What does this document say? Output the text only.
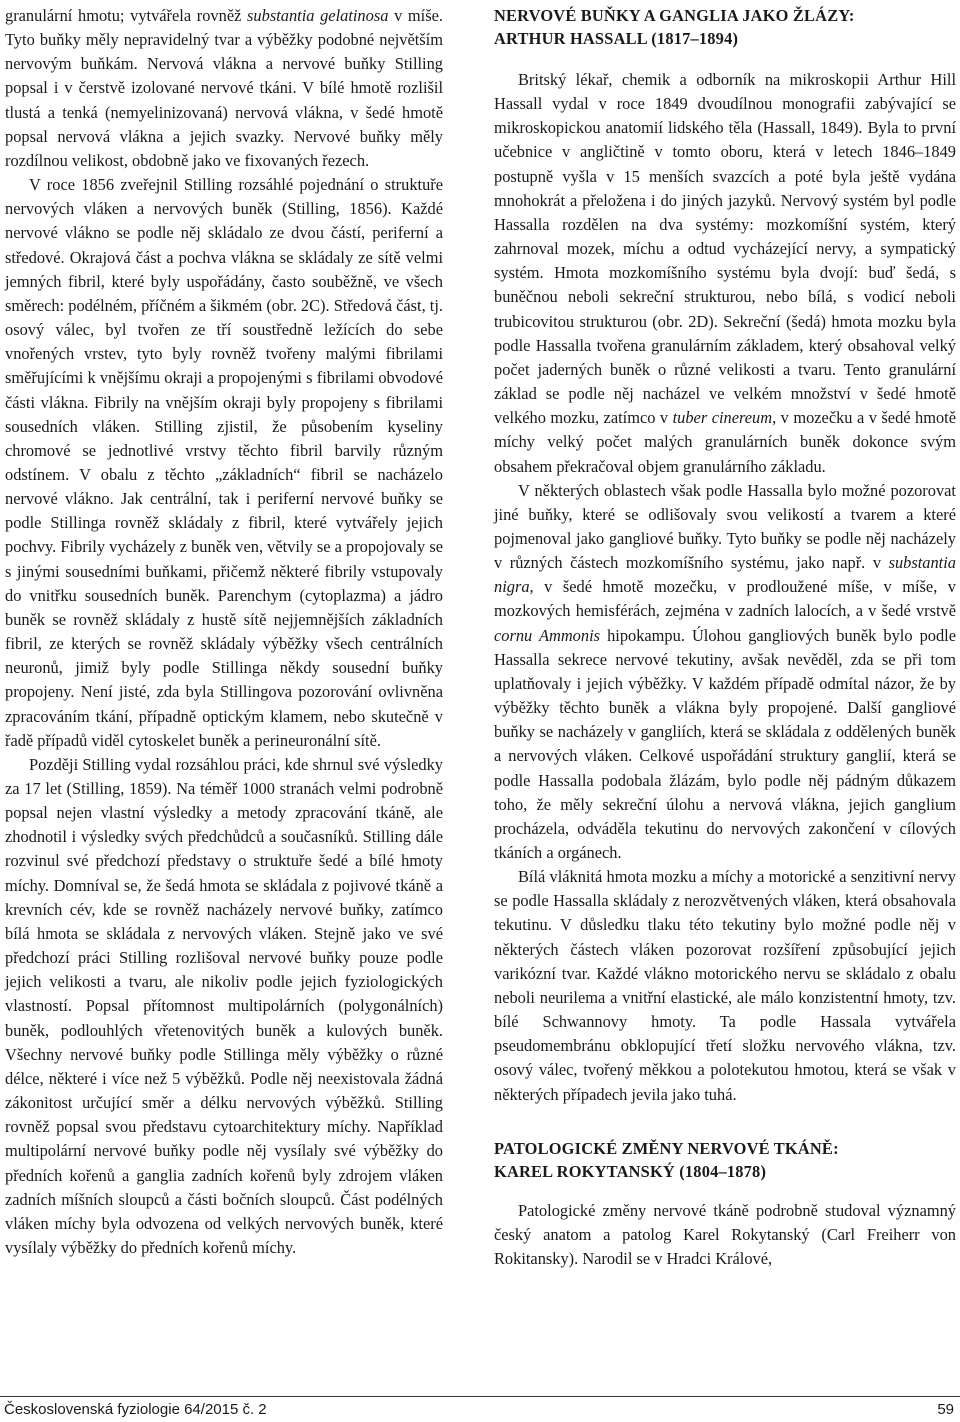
granulární hmotu; vytvářela rovněž substantia gelatinosa v míše. Tyto buňky měly nepravidelný tvar a výběžky podobné největším nervovým buňkám. Nervová vlákna a nervové buňky Stilling popsal i v čerstvě izolované nervové tkáni. V bílé hmotě rozlišil tlustá a tenká (nemyelinizovaná) nervová vlákna, v šedé hmotě popsal nervová vlákna a jejich svazky. Nervové buňky měly rozdílnou velikost, obdobně jako ve fixovaných řezech.

V roce 1856 zveřejnil Stilling rozsáhlé pojednání o struktuře nervových vláken a nervových buněk (Stilling, 1856). Každé nervové vlákno se podle něj skládalo ze dvou částí, periferní a středové. Okrajová část a pochva vlákna se skládaly ze sítě velmi jemných fibril, které byly uspořádány, často souběžně, ve všech směrech: podélném, příčném a šikmém (obr. 2C). Středová část, tj. osový válec, byl tvořen ze tří soustředně ležících do sebe vnořených vrstev, tyto byly rovněž tvořeny malými fibrilami směřujícími k vnějšímu okraji a propojenými s fibrilami obvodové části vlákna. Fibrily na vnějším okraji byly propojeny s fibrilami sousedních vláken. Stilling zjistil, že působením kyseliny chromové se jednotlivé vrstvy těchto fibril barvily různým odstínem. V obalu z těchto „základních“ fibril se nacházelo nervové vlákno. Jak centrální, tak i periferní nervové buňky se podle Stillinga rovněž skládaly z fibril, které vytvářely jejich pochvy. Fibrily vycházely z buněk ven, větvily se a propojovaly se s jinými sousedními buňkami, přičemž některé fibrily vstupovaly do vnitřku sousedních buněk. Parenchym (cytoplazma) a jádro buněk se rovněž skládaly z hustě sítě nejjemnějších základních fibril, ze kterých se rovněž skládaly výběžky všech centrálních neuronů, jimiž byly podle Stillinga někdy sousední buňky propojeny. Není jisté, zda byla Stillingova pozorování ovlivněna zpracováním tkání, případně optickým klamem, nebo skutečně v řadě případů viděl cytoskelet buněk a perineuronální sítě.

Později Stilling vydal rozsáhlou práci, kde shrnul své výsledky za 17 let (Stilling, 1859). Na téměř 1000 stranách velmi podrobně popsal nejen vlastní výsledky a metody zpracování tkáně, ale zhodnotil i výsledky svých předchůdců a současníků. Stilling dále rozvinul své předchozí představy o struktuře šedé a bílé hmoty míchy. Domníval se, že šedá hmota se skládala z pojivové tkáně a krevních cév, kde se rovněž nacházely nervové buňky, zatímco bílá hmota se skládala z nervových vláken. Stejně jako ve své předchozí práci Stilling rozlišoval nervové buňky pouze podle jejich velikosti a tvaru, ale nikoliv podle jejich fyziologických vlastností. Popsal přítomnost multipolárních (polygonálních) buněk, podlouhlých vřetenovitých buněk a kulových buněk. Všechny nervové buňky podle Stillinga měly výběžky o různé délce, některé i více než 5 výběžků. Podle něj neexistovala žádná zákonitost určující směr a délku nervových výběžků. Stilling rovněž popsal svou představu cytoarchitektury míchy. Například multipolární nervové buňky podle něj vysílaly své výběžky do předních kořenů a ganglia zadních kořenů byly zdrojem vláken zadních míšních sloupců a části bočních sloupců. Část podélných vláken míchy byla odvozena od velkých nervových buněk, které vysílaly výběžky do předních kořenů míchy.

NERVOVÉ BUŇKY A GANGLIA JAKO ŽLÁZY:
ARTHUR HASSALL (1817–1894)

Britský lékař, chemik a odborník na mikroskopii Arthur Hill Hassall vydal v roce 1849 dvoudílnou monografii zabývající se mikroskopickou anatomií lidského těla (Hassall, 1849). Byla to první učebnice v angličtině v tomto oboru, která v letech 1846–1849 postupně vyšla v 15 menších svazcích a poté byla ještě vydána mnohokrát a přeložena i do jiných jazyků. Nervový systém byl podle Hassalla rozdělen na dva systémy: mozkomíšní systém, který zahrnoval mozek, míchu a odtud vycházející nervy, a sympatický systém. Hmota mozkomíšního systému byla dvojí: buď šedá, s buněčnou neboli sekreční strukturou, nebo bílá, s vodicí neboli trubicovitou strukturou (obr. 2D). Sekreční (šedá) hmota mozku byla podle Hassalla tvořena granulárním základem, který obsahoval velký počet jaderných buněk o různé velikosti a tvaru. Tento granulární základ se podle něj nacházel ve velkém množství v šedé hmotě velkého mozku, zatímco v tuber cinereum, v mozečku a v šedé hmotě míchy velký počet malých granulárních buněk dokonce svým obsahem překračoval objem granulárního základu.

V některých oblastech však podle Hassalla bylo možné pozorovat jiné buňky, které se odlišovaly svou velikostí a tvarem a které pojmenoval jako gangliové buňky. Tyto buňky se podle něj nacházely v různých částech mozkomíšního systému, jako např. v substantia nigra, v šedé hmotě mozečku, v prodloužené míše, v míše, v mozkových hemisférách, zejména v zadních lalocích, a v šedé vrstvě cornu Ammonis hipokampu. Úlohou gangliových buněk bylo podle Hassalla sekrece nervové tekutiny, avšak nevěděl, zda se při tom uplatňovaly i jejich výběžky. V každém případě odmítal názor, že by výběžky těchto buněk a vlákna byly propojené. Další gangliové buňky se nacházely v gangliích, která se skládala z oddělených buněk a nervových vláken. Celkové uspořádání struktury ganglií, která se podle Hassalla podobala žlázám, bylo podle něj pádným důkazem toho, že měly sekreční úlohu a nervová vlákna, jejich ganglium procházela, odváděla tekutinu do nervových zakončení v cílových tkáních a orgánech.

Bílá vláknitá hmota mozku a míchy a motorické a senzitivní nervy se podle Hassalla skládaly z nerozvětvených vláken, která obsahovala tekutinu. V důsledku tlaku této tekutiny bylo možné podle něj v některých částech vláken pozorovat rozšíření způsobující jejich varikózní tvar. Každé vlákno motorického nervu se skládalo z obalu neboli neurilema a vnitřní elastické, ale málo konzistentní hmoty, tzv. bílé Schwannovy hmoty. Ta podle Hassala vytvářela pseudomembránu obklopující třetí složku nervového vlákna, tzv. osový válec, tvořený měkkou a polotekutou hmotou, která se však v některých případech jevila jako tuhá.

PATOLOGICKÉ ZMĚNY NERVOVÉ TKÁNĚ:
KAREL ROKYTANSKÝ (1804–1878)

Patologické změny nervové tkáně podrobně studoval významný český anatom a patolog Karel Rokytanský (Carl Freiherr von Rokitansky). Narodil se v Hradci Králové,

Československá fyziologie 64/2015 č. 2	59
